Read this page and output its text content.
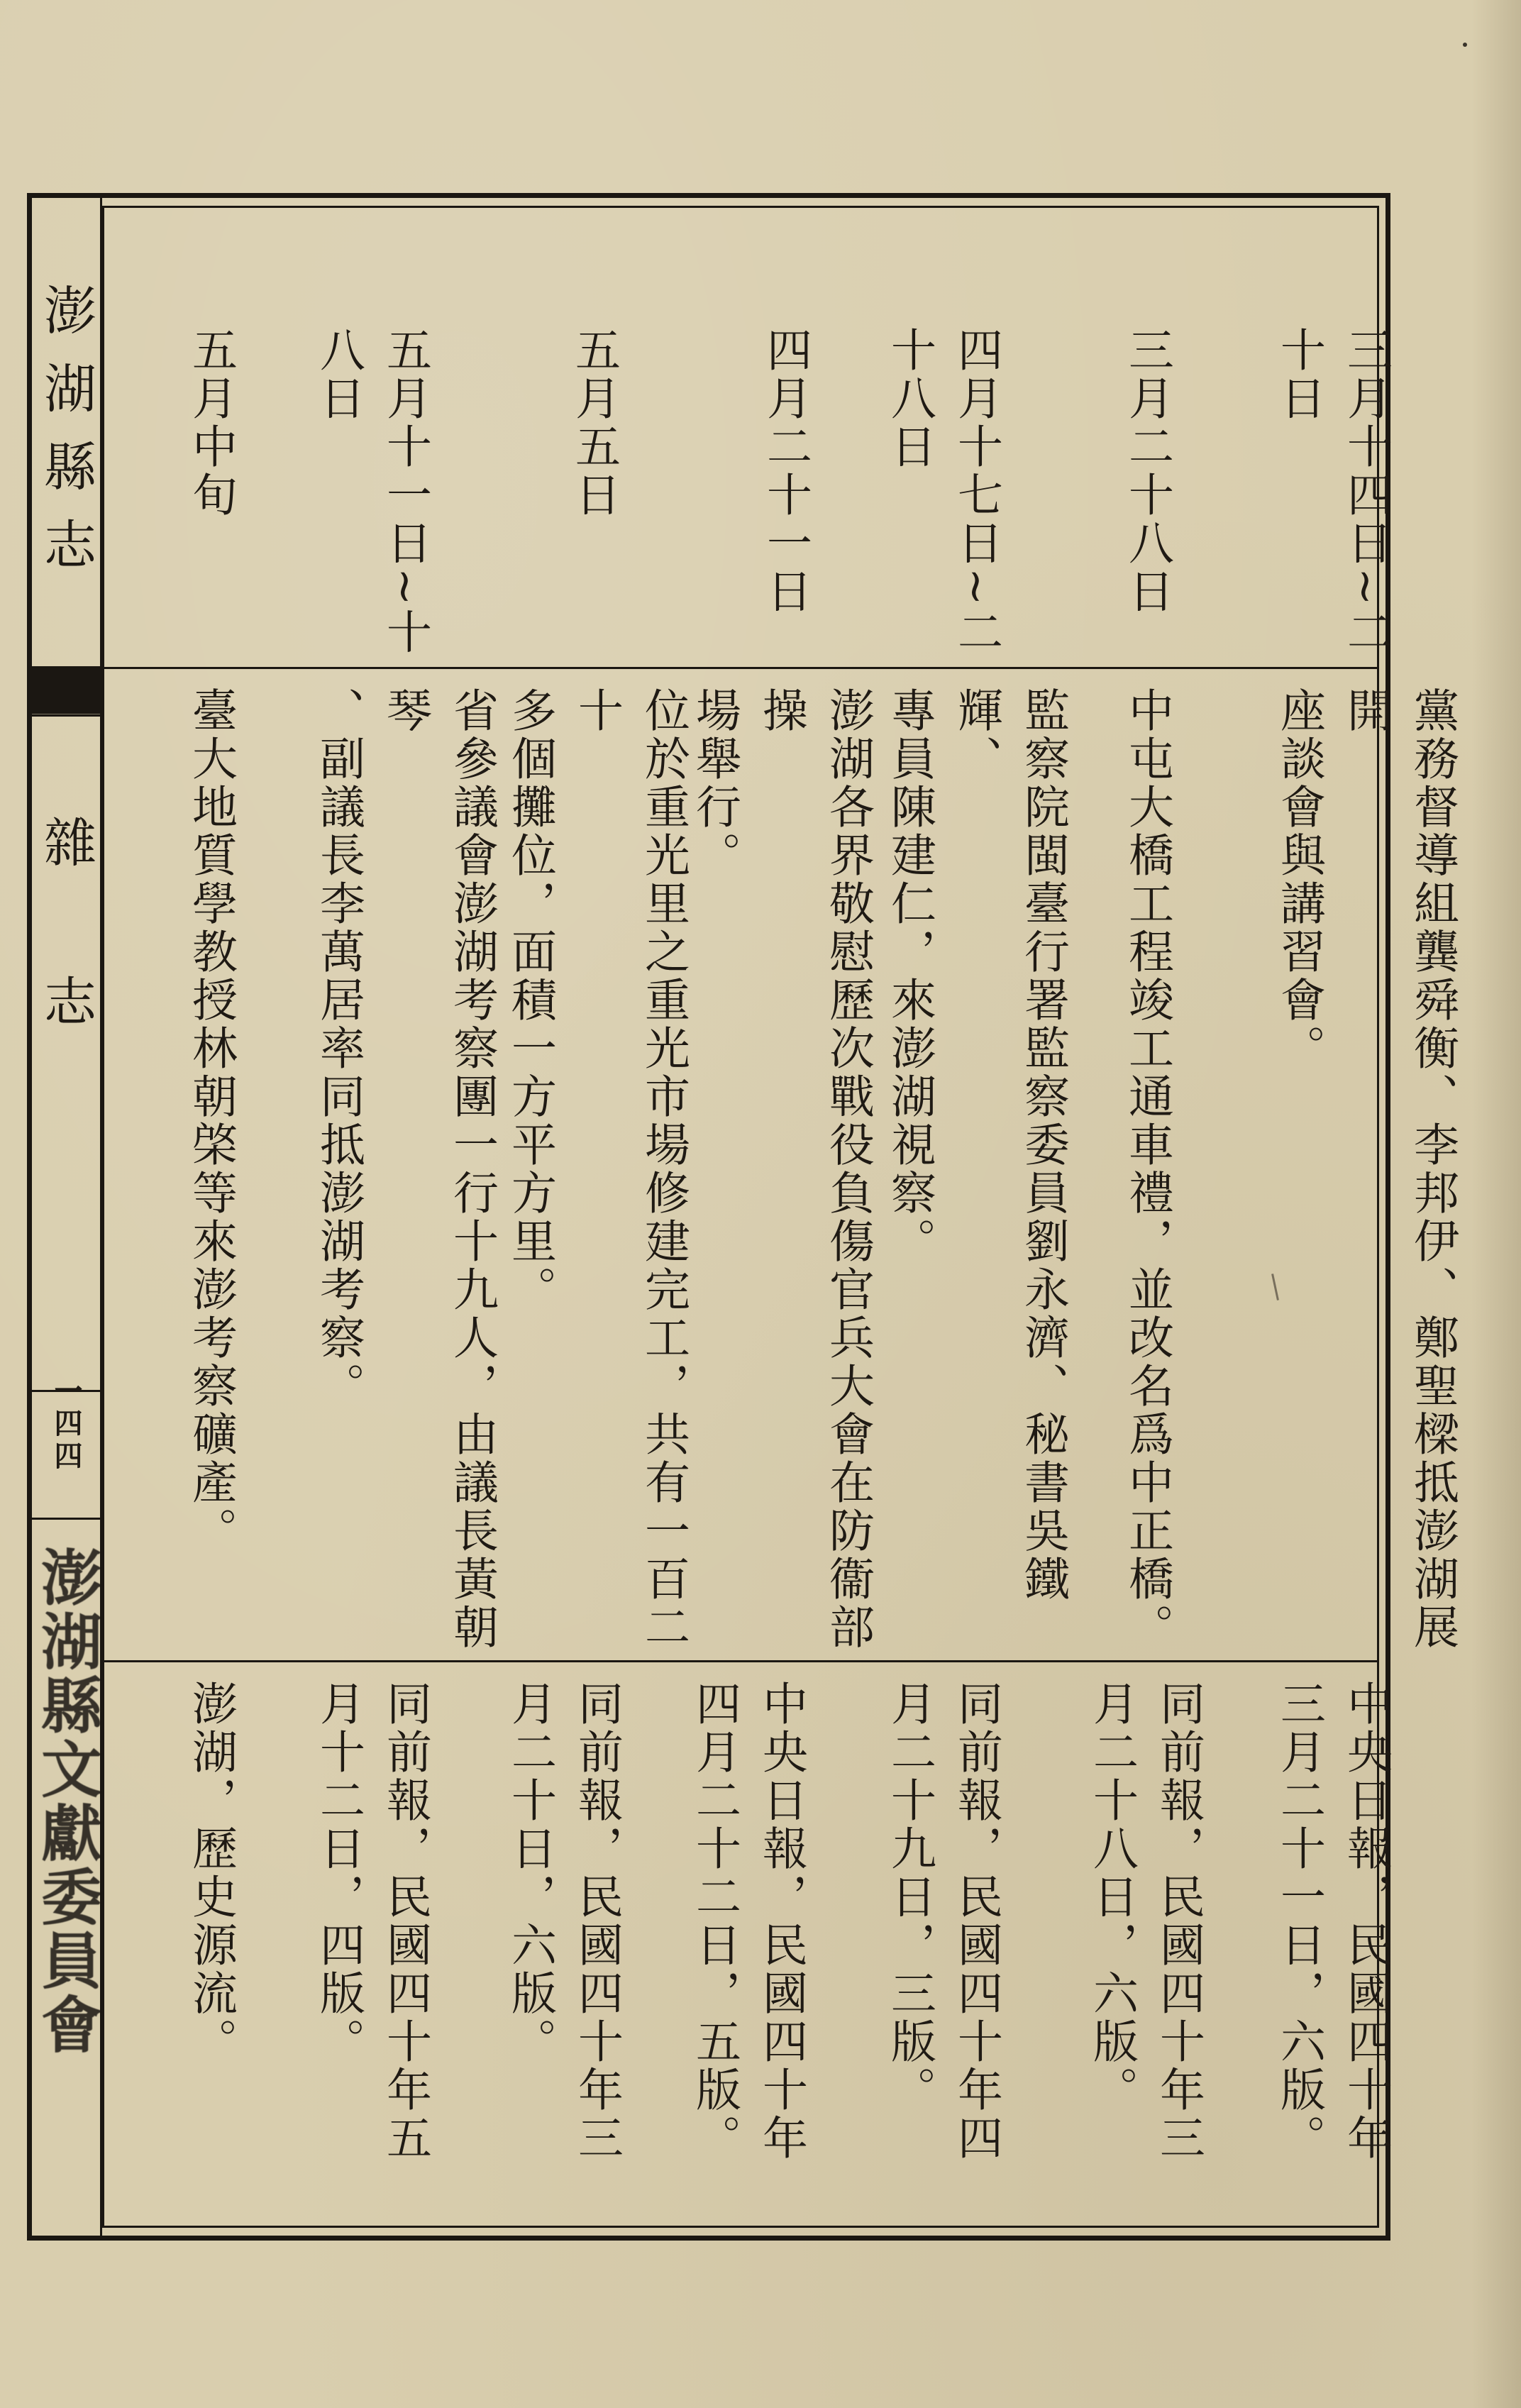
澎湖縣志
雜志
一四四
澎湖縣文獻委員會
三月十四日~二
十日
黨務督導組龔舜衡、李邦伊、鄭聖樑抵澎湖展開
座談會與講習會。
中央日報，民國四十年
三月二十一日，六版。
三月二十八日
中屯大橋工程竣工通車禮，並改名爲中正橋。
同前報，民國四十年三
月二十八日，六版。
四月十七日~二
十八日
監察院閩臺行署監察委員劉永濟、秘書吳鐵輝、
專員陳建仁，來澎湖視察。
同前報，民國四十年四
月二十九日，三版。
四月二十一日
澎湖各界敬慰歷次戰役負傷官兵大會在防衞部操
場舉行。
中央日報，民國四十年
四月二十二日，五版。
五月五日
位於重光里之重光市場修建完工，共有一百二十
多個攤位，面積一方平方里。
同前報，民國四十年三
月二十日，六版。
五月十一日~十
八日
省參議會澎湖考察團一行十九人，由議長黃朝琴
、副議長李萬居率同抵澎湖考察。
同前報，民國四十年五
月十二日，四版。
五月中旬
臺大地質學教授林朝棨等來澎考察礦產。
澎湖，歷史源流。
